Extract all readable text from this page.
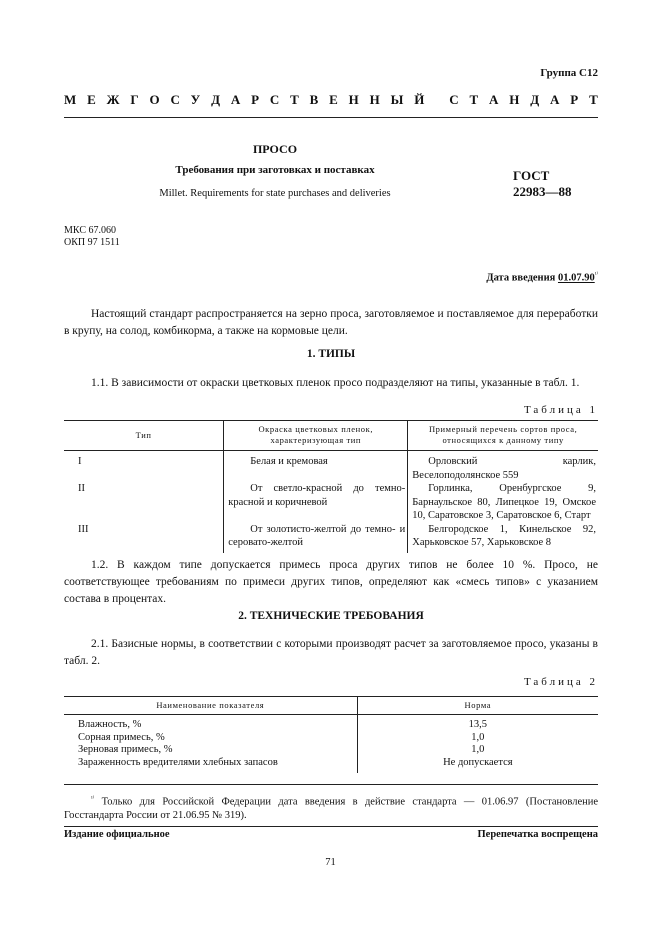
Группа С12
М Е Ж Г О С У Д А Р С Т В Е Н Н Ы Й
С Т А Н Д А Р Т
ПРОСО
Требования при заготовках и поставках
Millet. Requirements for state purchases and deliveries
ГОСТ
22983—88
МКС 67.060
ОКП 97 1511
Дата введения $01.07.90^{^{1)}}$
Настоящий стандарт распространяется на зерно проса, заготовляемое и поставляемое для переработки в крупу, на солод, комбикорма, а также на кормовые цели.
1. ТИПЫ
1.1. В зависимости от окраски цветковых пленок просо подразделяют на типы, указанные в табл. 1.
Таблица 1
Тип	Окраска цветковых пленок, характеризующая тип	Примерный перечень сортов проса, относящихся к данному типу
I	Белая и кремовая	Орловский карлик, Веселоподолянское 559
II	От светло-красной до темно-красной и коричневой	Горлинка, Оренбургское 9, Барнаульское 80, Липецкое 19, Омское 10, Саратовское 3, Саратовское 6, Старт
III	От золотисто-желтой до темно- и серовато-желтой	Белгородское 1, Кинельское 92, Харьковское 57, Харьковское 8
1.2. В каждом типе допускается примесь проса других типов не более 10 %. Просо, не соответствующее требованиям по примеси других типов, определяют как «смесь типов» с указанием состава в процентах.
2. ТЕХНИЧЕСКИЕ ТРЕБОВАНИЯ
2.1. Базисные нормы, в соответствии с которыми производят расчет за заготовляемое просо, указаны в табл. 2.
Таблица 2
Наименование показателя	Норма
Влажность, %	13,5
Сорная примесь, %	1,0
Зерновая примесь, %	1,0
Зараженность вредителями хлебных запасов	Не допускается
$^{^{1)}}$ Только для Российской Федерации дата введения в действие стандарта — 01.06.97 (Постановление Госстандарта России от 21.06.95 № 319).
Издание официальное	Перепечатка воспрещена
71
